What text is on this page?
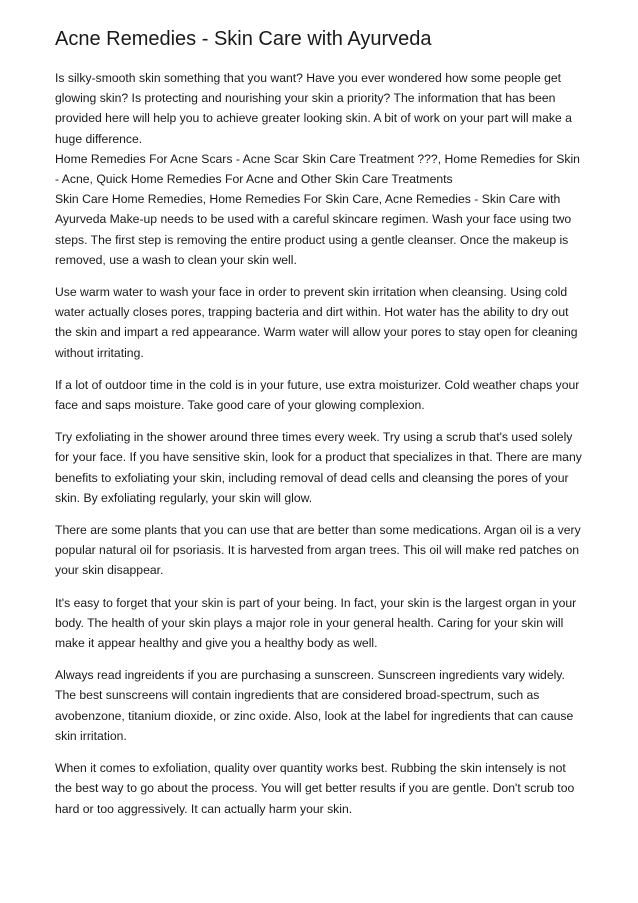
Acne Remedies - Skin Care with Ayurveda

Is silky-smooth skin something that you want? Have you ever wondered how some people get glowing skin? Is protecting and nourishing your skin a priority? The information that has been provided here will help you to achieve greater looking skin. A bit of work on your part will make a huge difference.

Home Remedies For Acne Scars - Acne Scar Skin Care Treatment ???, Home Remedies for Skin - Acne, Quick Home Remedies For Acne and Other Skin Care Treatments

Skin Care Home Remedies, Home Remedies For Skin Care, Acne Remedies - Skin Care with Ayurveda Make-up needs to be used with a careful skincare regimen. Wash your face using two steps. The first step is removing the entire product using a gentle cleanser. Once the makeup is removed, use a wash to clean your skin well.

Use warm water to wash your face in order to prevent skin irritation when cleansing. Using cold water actually closes pores, trapping bacteria and dirt within. Hot water has the ability to dry out the skin and impart a red appearance. Warm water will allow your pores to stay open for cleaning without irritating.

If a lot of outdoor time in the cold is in your future, use extra moisturizer. Cold weather chaps your face and saps moisture. Take good care of your glowing complexion.

Try exfoliating in the shower around three times every week. Try using a scrub that's used solely for your face. If you have sensitive skin, look for a product that specializes in that. There are many benefits to exfoliating your skin, including removal of dead cells and cleansing the pores of your skin. By exfoliating regularly, your skin will glow.

There are some plants that you can use that are better than some medications. Argan oil is a very popular natural oil for psoriasis. It is harvested from argan trees. This oil will make red patches on your skin disappear.

It's easy to forget that your skin is part of your being. In fact, your skin is the largest organ in your body. The health of your skin plays a major role in your general health. Caring for your skin will make it appear healthy and give you a healthy body as well.

Always read ingreidents if you are purchasing a sunscreen. Sunscreen ingredients vary widely. The best sunscreens will contain ingredients that are considered broad-spectrum, such as avobenzone, titanium dioxide, or zinc oxide. Also, look at the label for ingredients that can cause skin irritation.

When it comes to exfoliation, quality over quantity works best. Rubbing the skin intensely is not the best way to go about the process. You will get better results if you are gentle. Don't scrub too hard or too aggressively. It can actually harm your skin.
